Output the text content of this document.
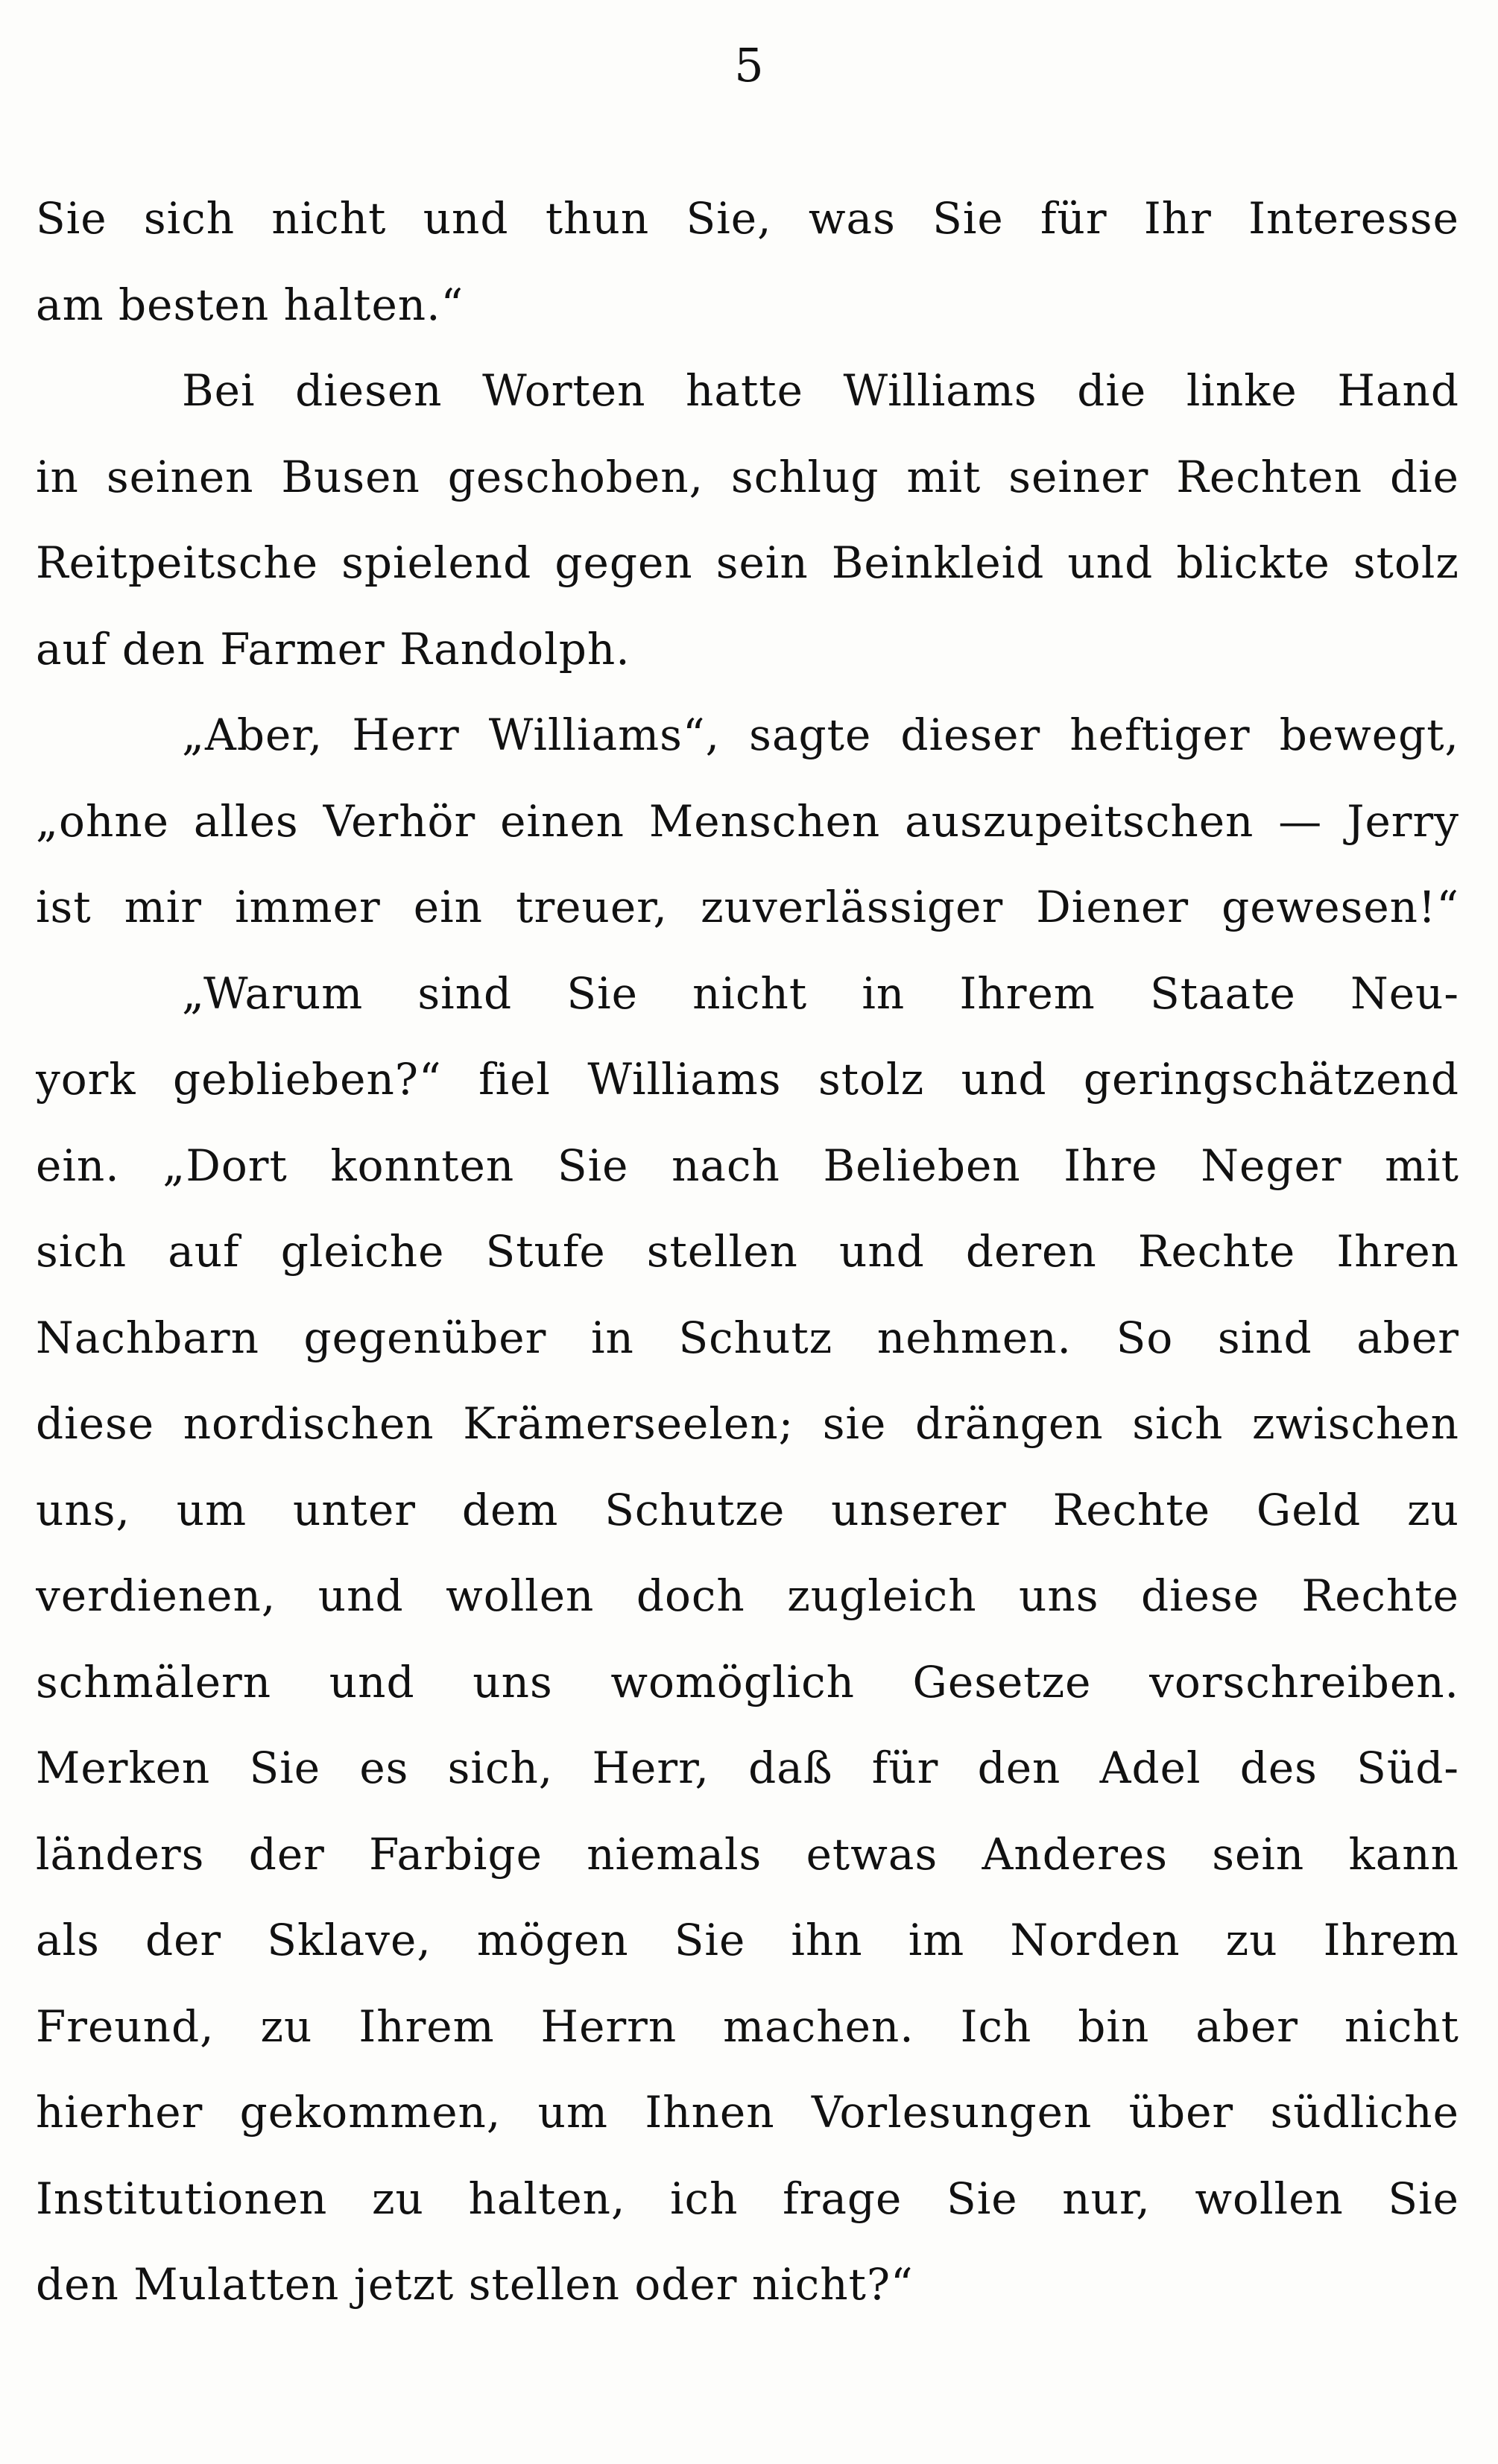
5
Sie sich nicht und thun Sie, was Sie für Ihr Interesse
am besten halten.“
Bei diesen Worten hatte Williams die linke Hand
in seinen Busen geschoben, schlug mit seiner Rechten die
Reitpeitsche spielend gegen sein Beinkleid und blickte stolz
auf den Farmer Randolph.
„Aber, Herr Williams“, sagte dieser heftiger bewegt,
„ohne alles Verhör einen Menschen auszupeitschen — Jerry
ist mir immer ein treuer, zuverlässiger Diener gewesen!“
„Warum sind Sie nicht in Ihrem Staate Neu-
york geblieben?“ fiel Williams stolz und geringschätzend
ein. „Dort konnten Sie nach Belieben Ihre Neger mit
sich auf gleiche Stufe stellen und deren Rechte Ihren
Nachbarn gegenüber in Schutz nehmen. So sind aber
diese nordischen Krämerseelen; sie drängen sich zwischen
uns, um unter dem Schutze unserer Rechte Geld zu
verdienen, und wollen doch zugleich uns diese Rechte
schmälern und uns womöglich Gesetze vorschreiben.
Merken Sie es sich, Herr, daß für den Adel des Süd-
länders der Farbige niemals etwas Anderes sein kann
als der Sklave, mögen Sie ihn im Norden zu Ihrem
Freund, zu Ihrem Herrn machen. Ich bin aber nicht
hierher gekommen, um Ihnen Vorlesungen über südliche
Institutionen zu halten, ich frage Sie nur, wollen Sie
den Mulatten jetzt stellen oder nicht?“
